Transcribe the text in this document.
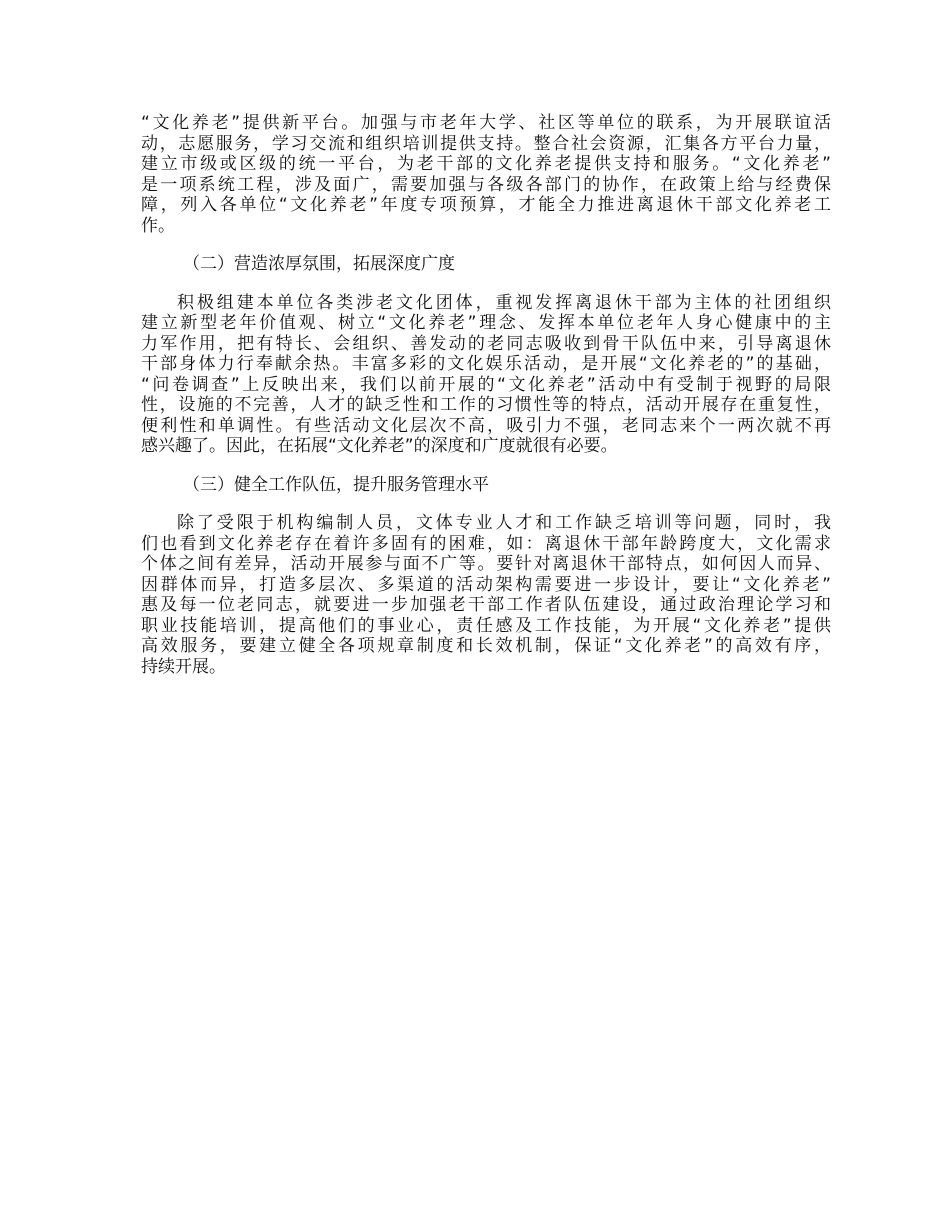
“文化养老”提供新平台。加强与市老年大学、社区等单位的联系，为开展联谊活
动，志愿服务，学习交流和组织培训提供支持。整合社会资源，汇集各方平台力量，
建立市级或区级的统一平台，为老干部的文化养老提供支持和服务。“文化养老”
是一项系统工程，涉及面广，需要加强与各级各部门的协作，在政策上给与经费保
障，列入各单位“文化养老”年度专项预算，才能全力推进离退休干部文化养老工
作。
（二）营造浓厚氛围，拓展深度广度
积极组建本单位各类涉老文化团体，重视发挥离退休干部为主体的社团组织
建立新型老年价值观、树立“文化养老”理念、发挥本单位老年人身心健康中的主
力军作用，把有特长、会组织、善发动的老同志吸收到骨干队伍中来，引导离退休
干部身体力行奉献余热。丰富多彩的文化娱乐活动，是开展“文化养老的”的基础，
“问卷调查”上反映出来，我们以前开展的“文化养老”活动中有受制于视野的局限
性，设施的不完善，人才的缺乏性和工作的习惯性等的特点，活动开展存在重复性，
便利性和单调性。有些活动文化层次不高，吸引力不强，老同志来个一两次就不再
感兴趣了。因此，在拓展“文化养老”的深度和广度就很有必要。
（三）健全工作队伍，提升服务管理水平
除了受限于机构编制人员，文体专业人才和工作缺乏培训等问题，同时，我
们也看到文化养老存在着许多固有的困难，如：离退休干部年龄跨度大，文化需求
个体之间有差异，活动开展参与面不广等。要针对离退休干部特点，如何因人而异、
因群体而异，打造多层次、多渠道的活动架构需要进一步设计，要让“文化养老”
惠及每一位老同志，就要进一步加强老干部工作者队伍建设，通过政治理论学习和
职业技能培训，提高他们的事业心，责任感及工作技能，为开展“文化养老”提供
高效服务，要建立健全各项规章制度和长效机制，保证“文化养老”的高效有序，
持续开展。
